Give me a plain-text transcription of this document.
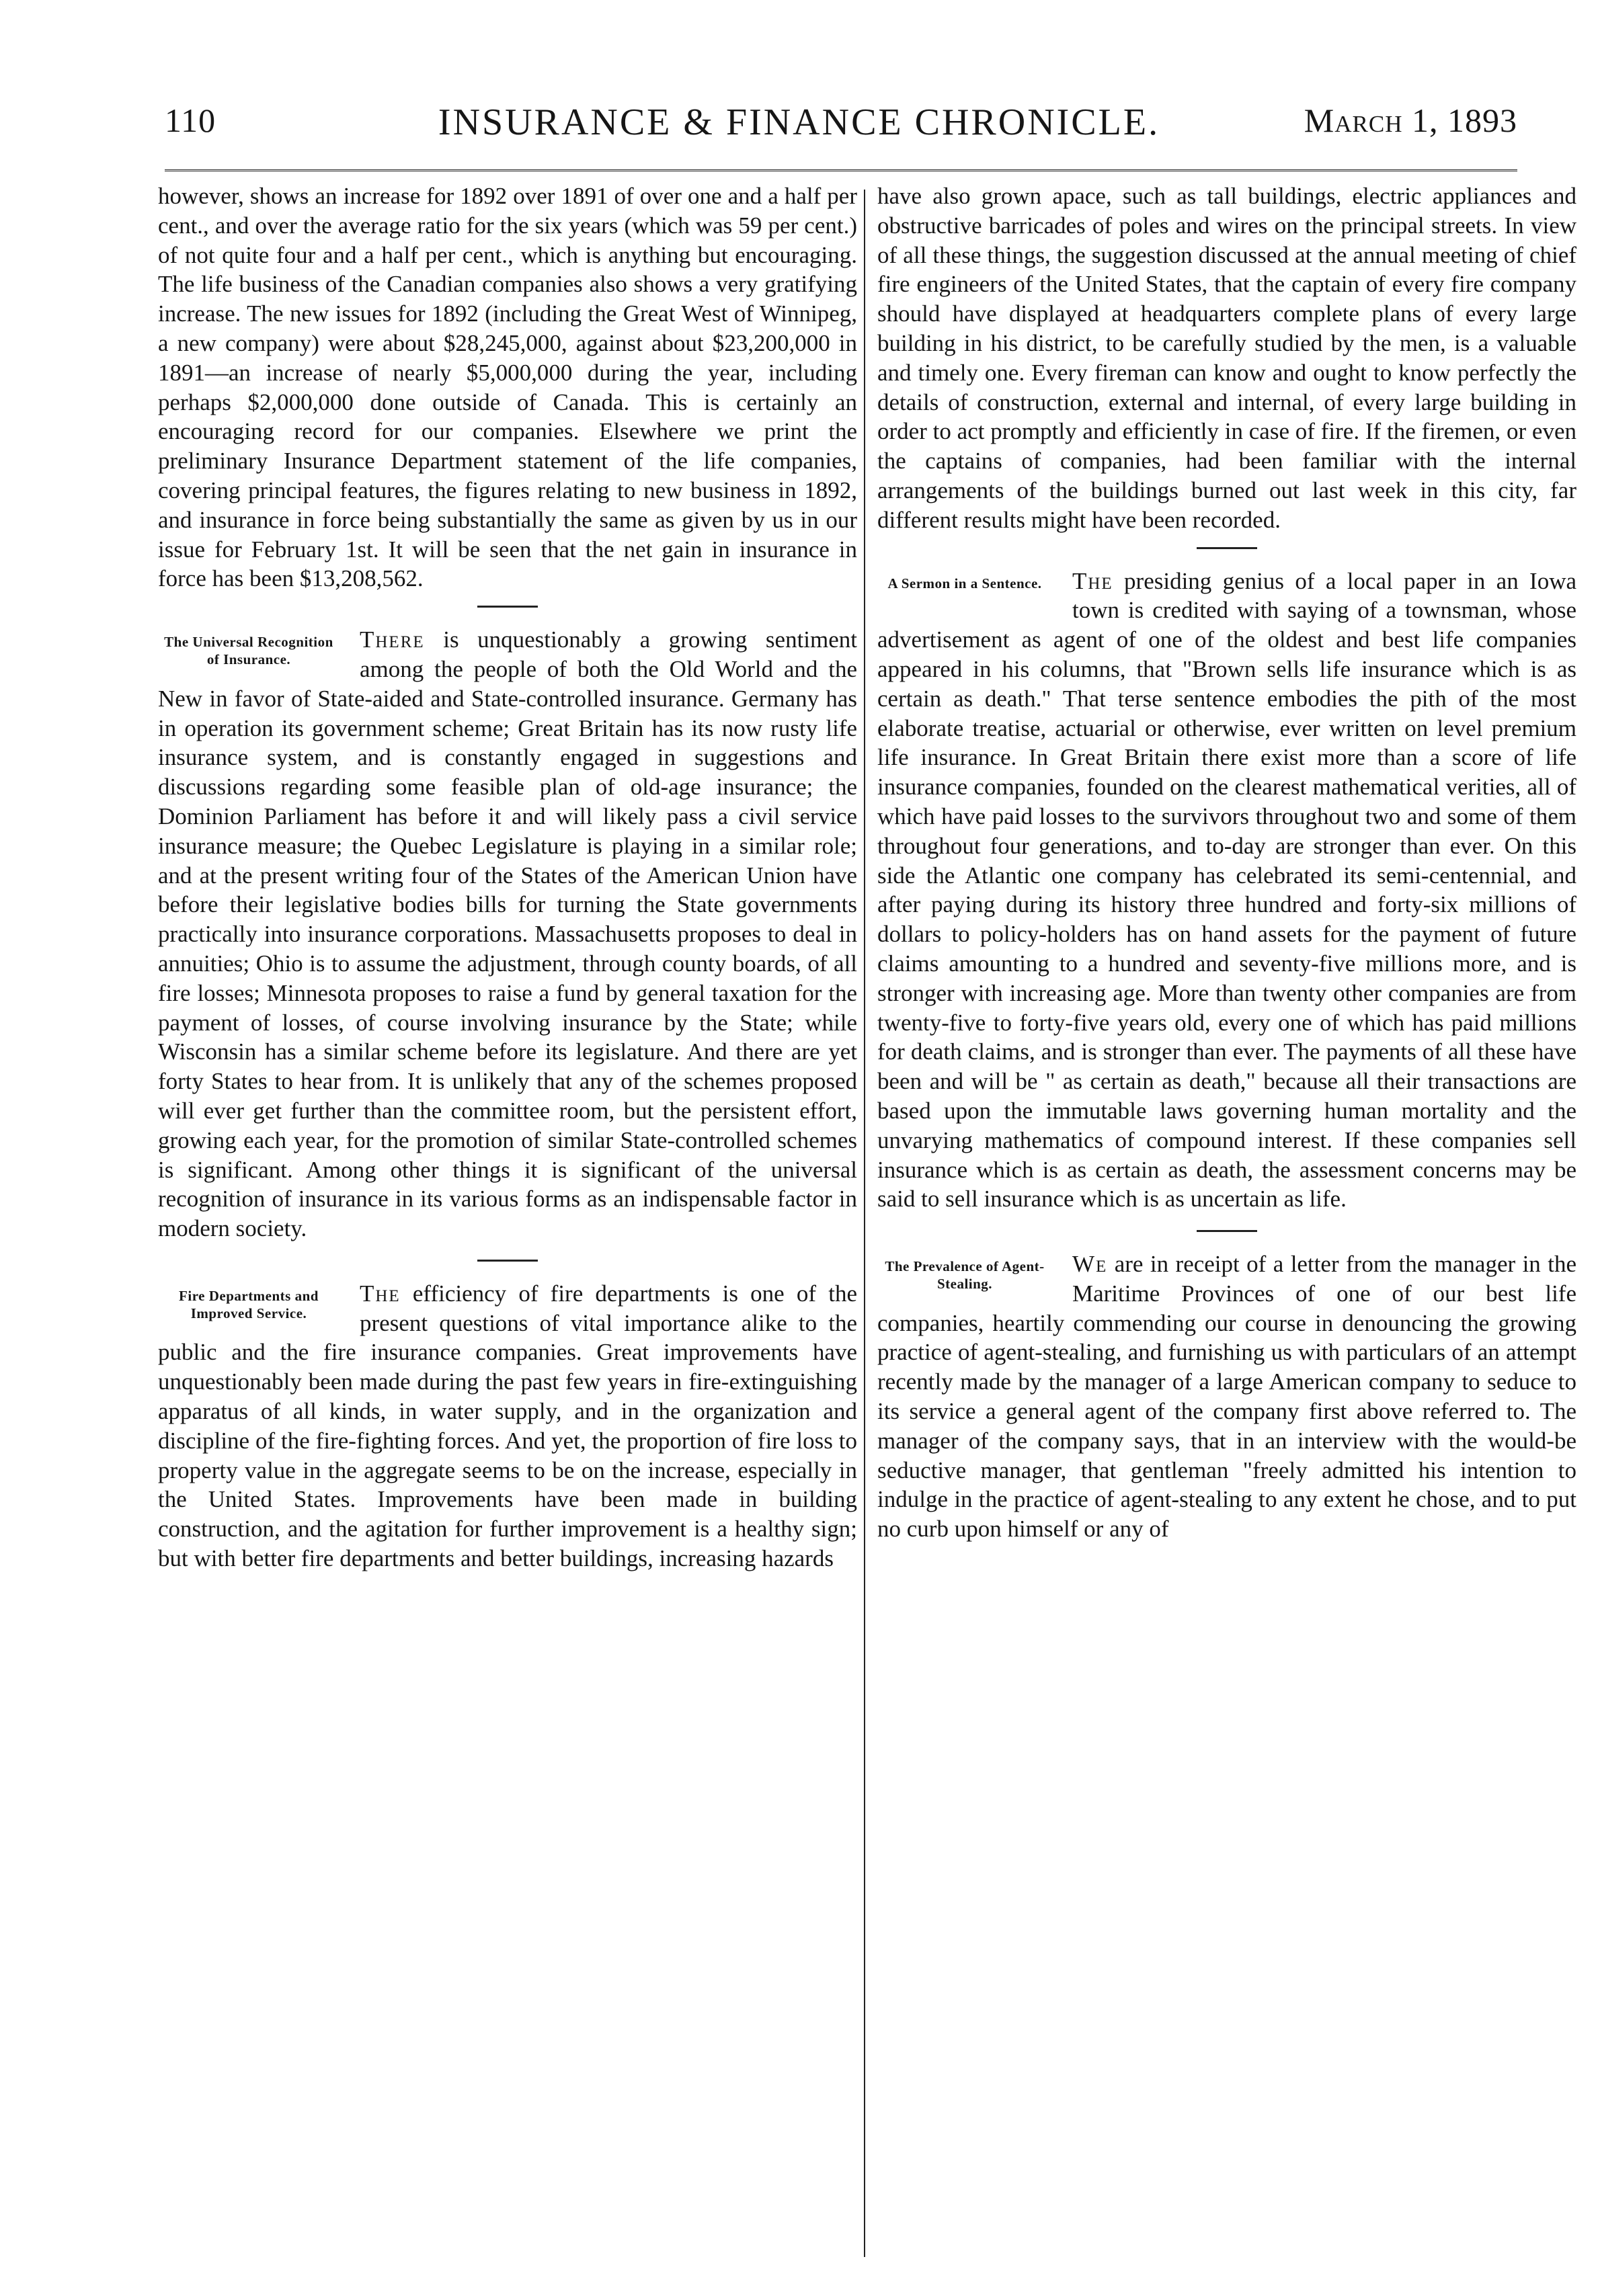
110	INSURANCE & FINANCE CHRONICLE.	March 1, 1893

however, shows an increase for 1892 over 1891 of over one and a half per cent., and over the average ratio for the six years (which was 59 per cent.) of not quite four and a half per cent., which is anything but encouraging. The life business of the Canadian companies also shows a very gratifying increase. The new issues for 1892 (including the Great West of Winnipeg, a new company) were about $28,245,000, against about $23,200,000 in 1891—an increase of nearly $5,000,000 during the year, including perhaps $2,000,000 done outside of Canada. This is certainly an encouraging record for our companies. Elsewhere we print the preliminary Insurance Department statement of the life companies, covering principal features, the figures relating to new business in 1892, and insurance in force being substantially the same as given by us in our issue for February 1st. It will be seen that the net gain in insurance in force has been $13,208,562.

The Universal Recognition of Insurance.

There is unquestionably a growing sentiment among the people of both the Old World and the New in favor of State-aided and State-controlled insurance. Germany has in operation its government scheme; Great Britain has its now rusty life insurance system, and is constantly engaged in suggestions and discussions regarding some feasible plan of old-age insurance; the Dominion Parliament has before it and will likely pass a civil service insurance measure; the Quebec Legislature is playing in a similar role; and at the present writing four of the States of the American Union have before their legislative bodies bills for turning the State governments practically into insurance corporations. Massachusetts proposes to deal in annuities; Ohio is to assume the adjustment, through county boards, of all fire losses; Minnesota proposes to raise a fund by general taxation for the payment of losses, of course involving insurance by the State; while Wisconsin has a similar scheme before its legislature. And there are yet forty States to hear from. It is unlikely that any of the schemes proposed will ever get further than the committee room, but the persistent effort, growing each year, for the promotion of similar State-controlled schemes is significant. Among other things it is significant of the universal recognition of insurance in its various forms as an indispensable factor in modern society.

Fire Departments and Improved Service.

The efficiency of fire departments is one of the present questions of vital importance alike to the public and the fire insurance companies. Great improvements have unquestionably been made during the past few years in fire-extinguishing apparatus of all kinds, in water supply, and in the organization and discipline of the fire-fighting forces. And yet, the proportion of fire loss to property value in the aggregate seems to be on the increase, especially in the United States. Improvements have been made in building construction, and the agitation for further improvement is a healthy sign; but with better fire departments and better buildings, increasing hazards

have also grown apace, such as tall buildings, electric appliances and obstructive barricades of poles and wires on the principal streets. In view of all these things, the suggestion discussed at the annual meeting of chief fire engineers of the United States, that the captain of every fire company should have displayed at headquarters complete plans of every large building in his district, to be carefully studied by the men, is a valuable and timely one. Every fireman can know and ought to know perfectly the details of construction, external and internal, of every large building in order to act promptly and efficiently in case of fire. If the firemen, or even the captains of companies, had been familiar with the internal arrangements of the buildings burned out last week in this city, far different results might have been recorded.

A Sermon in a Sentence.	The presiding genius of a local paper in an Iowa town is credited with saying of a townsman, whose advertisement as agent of one of the oldest and best life companies appeared in his columns, that "Brown sells life insurance which is as certain as death." That terse sentence embodies the pith of the most elaborate treatise, actuarial or otherwise, ever written on level premium life insurance. In Great Britain there exist more than a score of life insurance companies, founded on the clearest mathematical verities, all of which have paid losses to the survivors throughout two and some of them throughout four generations, and to-day are stronger than ever. On this side the Atlantic one company has celebrated its semi-centennial, and after paying during its history three hundred and forty-six millions of dollars to policy-holders has on hand assets for the payment of future claims amounting to a hundred and seventy-five millions more, and is stronger with increasing age. More than twenty other companies are from twenty-five to forty-five years old, every one of which has paid millions for death claims, and is stronger than ever. The payments of all these have been and will be " as certain as death," because all their transactions are based upon the immutable laws governing human mortality and the unvarying mathematics of compound interest. If these companies sell insurance which is as certain as death, the assessment concerns may be said to sell insurance which is as uncertain as life.

The Prevalence of Agent-Stealing.

We are in receipt of a letter from the manager in the Maritime Provinces of one of our best life companies, heartily commending our course in denouncing the growing practice of agent-stealing, and furnishing us with particulars of an attempt recently made by the manager of a large American company to seduce to its service a general agent of the company first above referred to. The manager of the company says, that in an interview with the would-be seductive manager, that gentleman "freely admitted his intention to indulge in the practice of agent-stealing to any extent he chose, and to put no curb upon himself or any of
